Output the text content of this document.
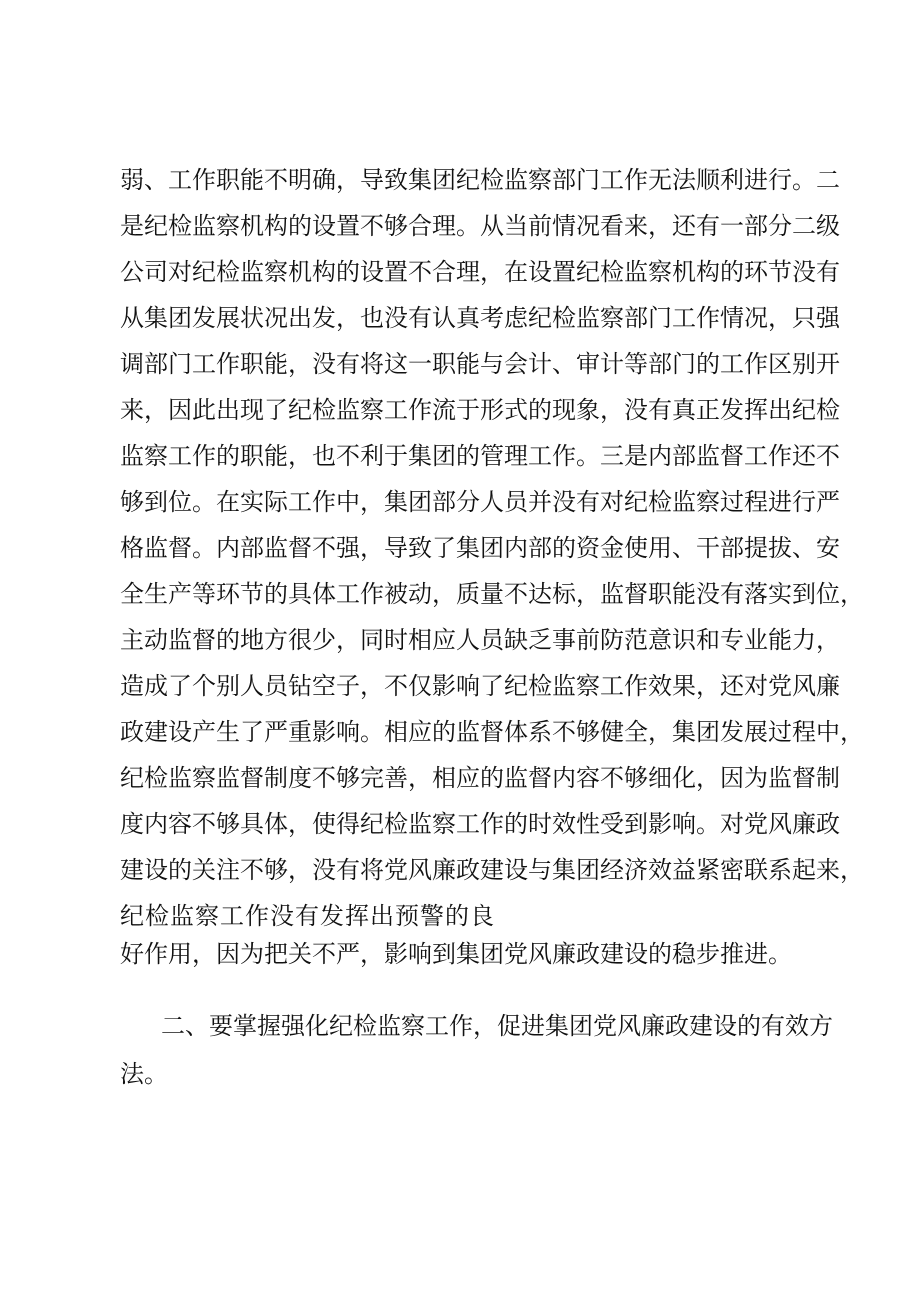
弱、工作职能不明确，导致集团纪检监察部门工作无法顺利进行。二
是纪检监察机构的设置不够合理。从当前情况看来，还有一部分二级
公司对纪检监察机构的设置不合理，在设置纪检监察机构的环节没有
从集团发展状况出发，也没有认真考虑纪检监察部门工作情况，只强
调部门工作职能，没有将这一职能与会计、审计等部门的工作区别开
来，因此出现了纪检监察工作流于形式的现象，没有真正发挥出纪检
监察工作的职能，也不利于集团的管理工作。三是内部监督工作还不
够到位。在实际工作中，集团部分人员并没有对纪检监察过程进行严
格监督。内部监督不强，导致了集团内部的资金使用、干部提拔、安
全生产等环节的具体工作被动，质量不达标，监督职能没有落实到位，
主动监督的地方很少，同时相应人员缺乏事前防范意识和专业能力，
造成了个别人员钻空子，不仅影响了纪检监察工作效果，还对党风廉
政建设产生了严重影响。相应的监督体系不够健全，集团发展过程中，
纪检监察监督制度不够完善，相应的监督内容不够细化，因为监督制
度内容不够具体，使得纪检监察工作的时效性受到影响。对党风廉政
建设的关注不够，没有将党风廉政建设与集团经济效益紧密联系起来，
纪检监察工作没有发挥出预警的良
好作用，因为把关不严，影响到集团党风廉政建设的稳步推进。
二、要掌握强化纪检监察工作，促进集团党风廉政建设的有效方
法。
